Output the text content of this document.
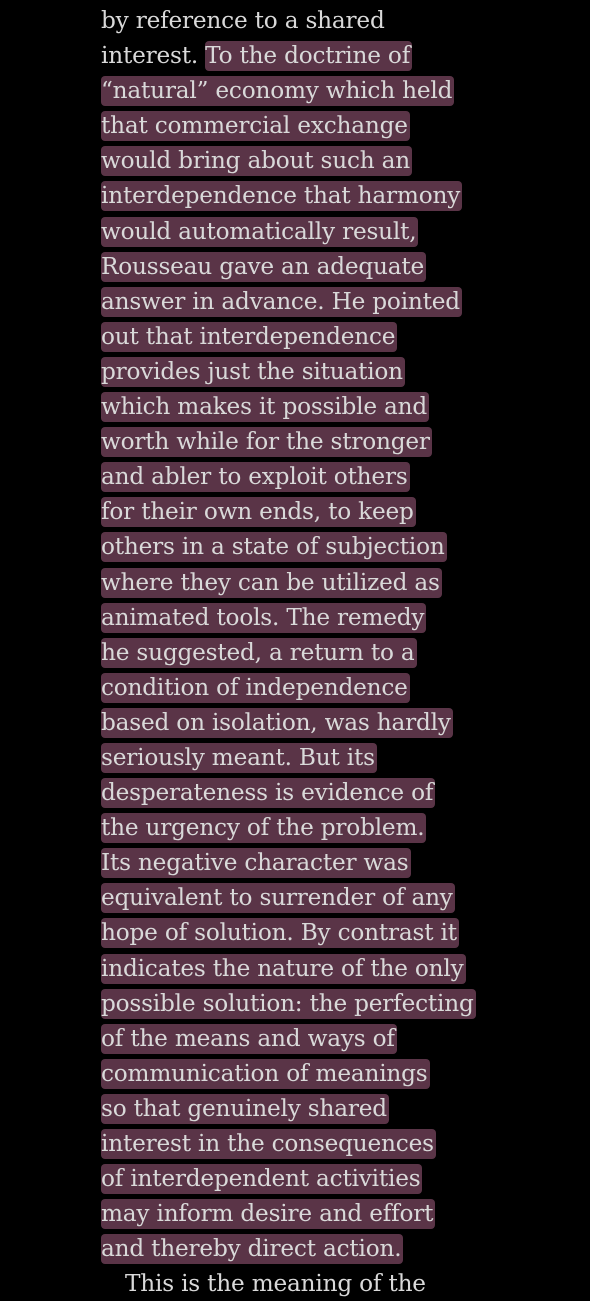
by reference to a shared
interest. To the doctrine of
“natural” economy which held
that commercial exchange
would bring about such an
interdependence that harmony
would automatically result,
Rousseau gave an adequate
answer in advance. He pointed
out that interdependence
provides just the situation
which makes it possible and
worth while for the stronger
and abler to exploit others
for their own ends, to keep
others in a state of subjection
where they can be utilized as
animated tools. The remedy
he suggested, a return to a
condition of independence
based on isolation, was hardly
seriously meant. But its
desperateness is evidence of
the urgency of the problem.
Its negative character was
equivalent to surrender of any
hope of solution. By contrast it
indicates the nature of the only
possible solution: the perfecting
of the means and ways of
communication of meanings
so that genuinely shared
interest in the consequences
of interdependent activities
may inform desire and effort
and thereby direct action.
This is the meaning of the
